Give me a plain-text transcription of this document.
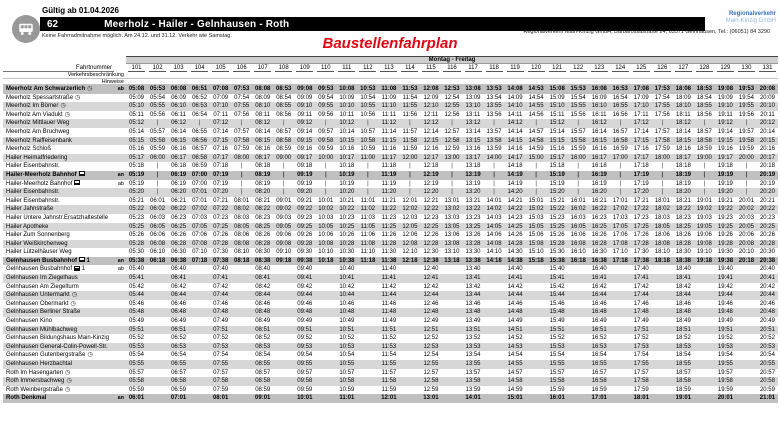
Gültig ab 01.04.2026
62	Meerholz - Hailer - Gelnhausen - Roth
Keine Fahrradmitnahme möglich. Am 24.12. und 31.12. Verkehr wie Samstag.
Regionalverkehr
Main-Kinzig GmbH
Regionalverkehr Main-Kinzig GmbH, Barbarossastraße 24, 63571 Gelnhausen, Tel.: (06051) 84 3290
Baustellenfahrplan
Montag - Freitag
Fahrtnummer	101	102	103	104	105	106	107	108	109	110	111	112	113	114	115	116	117	118	119	120	121	122	123	124	125	126	127	128	129	130	131
Verkehrsbeschränkung
Hinweise
Meerholz Am Schwarzerlich ◷	ab 05:08 05:53 06:08 06:51 07:08 07:53 08:08 08:53 09:08 09:53 10:08 10:53 11:08	11:53 12:08 12:53 13:08 13:53 14:08 14:53 15:08 15:53 16:08 16:53 17:08 17:53 18:08 18:53 19:08 19:53 20:08
Meerholz Spessartstraße ◷	05:09	05:54	06:09	06:52	07:09	07:54	08:09	08:54	09:09	09:54	10:09	10:54	11:09	11:54	12:09	12:54	13:09	13:54	14:09	14:54	15:09	15:54	16:09	16:54	17:09	17:54	18:09	18:54	19:09	19:54	20:09
Meerholz Im Bömer ◷	05:10	05:55	06:10	06:53	07:10	07:55	08:10	08:55	09:10	09:55	10:10	10:55	11:10	11:55	12:10	12:55	13:10	13:55	14:10	14:55	15:10	15:55	16:10	16:55	17:10	17:55	18:10	18:55	19:10	19:55	20:10
Meerholz Am Viadukt ◷	05:11	05:56	06:11	06:54	07:11	07:56	08:11	08:56	09:11	09:56	10:11	10:56	11:11	11:56	12:11	12:56	13:11	13:56	14:11	14:56	15:11	15:56	16:11	16:56	17:11	17:56	18:11	18:56	19:11	19:56	20:11
Meerholz Mittlauer Weg	05:12	|	06:12	|	07:12	|	08:12	|	09:12	|	10:12	|	11:12	|	12:12	|	13:12	|	14:12	|	15:12	|	16:12	|	17:12	|	18:12	|	19:12	|	20:12
Meerholz Am Bruchweg	05:14	05:57	06:14	06:55	07:14	07:57	08:14	08:57	09:14	09:57	10:14	10:57	11:14	11:57	12:14	12:57	13:14	13:57	14:14	14:57	15:14	15:57	16:14	16:57	17:14	17:57	18:14	18:57	19:14	19:57	20:14
Meerholz Raiffeisenbank	05:15	05:58	06:15	06:56	07:15	07:58	08:15	08:58	09:15	09:58	10:15	10:58	11:15	11:58	12:15	12:58	13:15	13:58	14:15	14:58	15:15	15:58	16:15	16:58	17:15	17:58	18:15	18:58	19:15	19:58	20:15
Meerholz Schloß	05:16	05:59	06:16	06:57	07:16	07:59	08:16	08:59	09:16	09:59	10:16	10:59	11:16	11:59	12:16	12:59	13:16	13:59	14:16	14:59	15:16	15:59	16:16	16:59	17:16	17:59	18:16	18:59	19:16	19:59	20:16
Hailer Heimatfriedering	05:17	06:00	06:17	06:58	07:17	08:00	08:17	09:00	09:17	10:00	10:17	11:00	11:17	12:00	12:17	13:00	13:17	14:00	14:17	15:00	15:17	16:00	16:17	17:00	17:17	18:00	18:17	19:00	19:17	20:00	20:17
Hailer Eisenbahnstr.	05:18	|	06:18	06:59	07:18	|	08:18	|	09:18	|	10:18	|	11:18	|	12:18	|	13:18	|	14:18	|	15:18	|	16:18	|	17:18	|	18:18	|	19:18	|	20:18
Hailer-Meerholz Bahnhof	an 05:19	|	06:19 07:00 07:19	|	08:19	|	09:19	|	10:19	|	11:19	|	12:19	|	13:19	|	14:19	|	15:19	|	16:19	|	17:19	|	18:19	|	19:19	|	20:19
Hailer-Meerholz Bahnhof	ab 05:19	|	06:19	07:00	07:19	|	08:19	|	09:19	|	10:19	|	11:19	|	12:19	|	13:19	|	14:19	|	15:19	|	16:19	|	17:19	|	18:19	|	19:19	|	20:19
Hailer Eisenbahnstr.	05:20	|	06:20	07:01	07:20	|	08:20	|	09:20	|	10:20	|	11:20	|	12:20	|	13:20	|	14:20	|	15:20	|	16:20	|	17:20	|	18:20	|	19:20	|	20:20
Hailer Eisenbahnstr.	05:21	06:01	06:21	07:01	07:21	08:01	08:21	09:01	09:21	10:01	10:21	11:01	11:21	12:01	12:21	13:01	13:21	14:01	14:21	15:01	15:21	16:01	16:21	17:01	17:21	18:01	18:21	19:01	19:21	20:01	20:21
Hailer Jahnstraße	05:22	06:02	06:22	07:02	07:22	08:02	08:22	09:02	09:22	10:02	10:22	11:02	11:22	12:02	12:22	13:02	13:22	14:02	14:22	15:02	15:22	16:02	16:22	17:02	17:22	18:02	18:22	19:02	19:22	20:02	20:22
Hailer Untere Jahnstr.Ersatzhaltestelle	05:23	06:03	06:23	07:03	07:23	08:03	08:23	09:03	09:23	10:03	10:23	11:03	11:23	12:03	12:23	13:03	13:23	14:03	14:23	15:03	15:23	16:03	16:23	17:03	17:23	18:03	18:23	19:03	19:23	20:03	20:23
Hailer Apotheke	05:25	06:05	06:25	07:05	07:25	08:05	08:25	09:05	09:25	10:05	10:25	11:05	11:25	12:05	12:25	13:05	13:25	14:05	14:25	15:05	15:25	16:05	16:25	17:05	17:25	18:05	18:25	19:05	19:25	20:05	20:25
Hailer Zum Sonnenberg	05:26	06:06	06:26	07:06	07:26	08:06	08:26	09:06	09:26	10:06	10:26	11:06	11:26	12:06	12:26	13:06	13:26	14:06	14:26	15:06	15:26	16:06	16:26	17:06	17:26	18:06	18:26	19:06	19:26	20:06	20:26
Hailer Weißkirchenweg	05:28	06:08	06:28	07:08	07:28	08:08	08:28	09:08	09:28	10:08	10:28	11:08	11:28	12:08	12:28	13:08	13:28	14:08	14:28	15:08	15:28	16:08	16:28	17:08	17:28	18:08	18:28	19:08	19:28	20:08	20:28
Hailer Lützelhäuser Weg	05:30	06:10	06:30	07:10	07:30	08:10	08:30	09:10	09:30	10:10	10:30	11:10	11:30	12:10	12:30	13:10	13:30	14:10	14:30	15:10	15:30	16:10	16:30	17:10	17:30	18:10	18:30	19:10	19:30	20:10	20:30
Gelnhausen Busbahnhof 1	an 05:38 06:18 06:38 07:18 07:38 08:18 08:38 09:18 09:38 10:18 10:38 11:18	11:38 12:18 12:38 13:18 13:38 14:18 14:38 15:18 15:38 16:18 16:38 17:18 17:38 18:18 18:38 19:18 19:38 20:18 20:38
Gelnhausen Busbahnhof 1	ab 05:40	06:40	07:40	08:40	09:40	10:40	11:40	12:40	13:40	14:40	15:40	16:40	17:40	18:40	19:40	20:40
Gelnhausen Im Ziegelhaus	05:41	06:41	07:41	08:41	09:41	10:41	11:41	12:41	13:41	14:41	15:41	16:41	17:41	18:41	19:41	20:41
Gelnhausen Am Ziegelturm	05:42	06:42	07:42	08:42	09:42	10:42	11:42	12:42	13:42	14:42	15:42	16:42	17:42	18:42	19:42	20:42
Gelnhausen Untermarkt ◷	05:44	06:44	07:44	08:44	09:44	10:44	11:44	12:44	13:44	14:44	15:44	16:44	17:44	18:44	19:44	20:44
Gelnhausen Obermarkt ◷	05:46	06:46	07:46	08:46	09:46	10:46	11:46	12:46	13:46	14:46	15:46	16:46	17:46	18:46	19:46	20:46
Gelnhausen Berliner Straße	05:48	06:48	07:48	08:48	09:48	10:48	11:48	12:48	13:48	14:48	15:48	16:48	17:48	18:48	19:48	20:48
Gelnhausen Kino	05:49	06:49	07:49	08:49	09:49	10:49	11:49	12:49	13:49	14:49	15:49	16:49	17:49	18:49	19:49	20:49
Gelnhausen Mühlbachweg	05:51	06:51	07:51	08:51	09:51	10:51	11:51	12:51	13:51	14:51	15:51	16:51	17:51	18:51	19:51	20:51
Gelnhausen Bildungshaus Main-Kinzig	05:52	06:52	07:52	08:52	09:52	10:52	11:52	12:52	13:52	14:52	15:52	16:52	17:52	18:52	19:52	20:52
Gelnhausen General-Colin-Powell-Str.	05:53	06:53	07:53	08:53	09:53	10:53	11:53	12:53	13:53	14:53	15:53	16:53	17:53	18:53	19:53	20:53
Gelnhausen Gutenbergstraße ◷	05:54	06:54	07:54	08:54	09:54	10:54	11:54	12:54	13:54	14:54	15:54	16:54	17:54	18:54	19:54	20:54
Gelnhausen Herzbachtal	05:55	06:55	07:55	08:55	09:55	10:55	11:55	12:55	13:55	14:55	15:55	16:55	17:55	18:55	19:55	20:55
Roth Im Hasengarten ◷	05:57	06:57	07:57	08:57	09:57	10:57	11:57	12:57	13:57	14:57	15:57	16:57	17:57	18:57	19:57	20:57
Roth Immersbachweg ◷	05:58	06:58	07:58	08:58	09:58	10:58	11:58	12:58	13:58	14:58	15:58	16:58	17:58	18:58	19:58	20:58
Roth Weinbergstraße ◷	05:59	06:59	07:59	08:59	09:59	10:59	11:59	12:59	13:59	14:59	15:59	16:59	17:59	18:59	19:59	20:59
Roth Denkmal	an 06:01	07:01	08:01	09:01	10:01	11:01	12:01	13:01	14:01	15:01	16:01	17:01	18:01	19:01	20:01	21:01
